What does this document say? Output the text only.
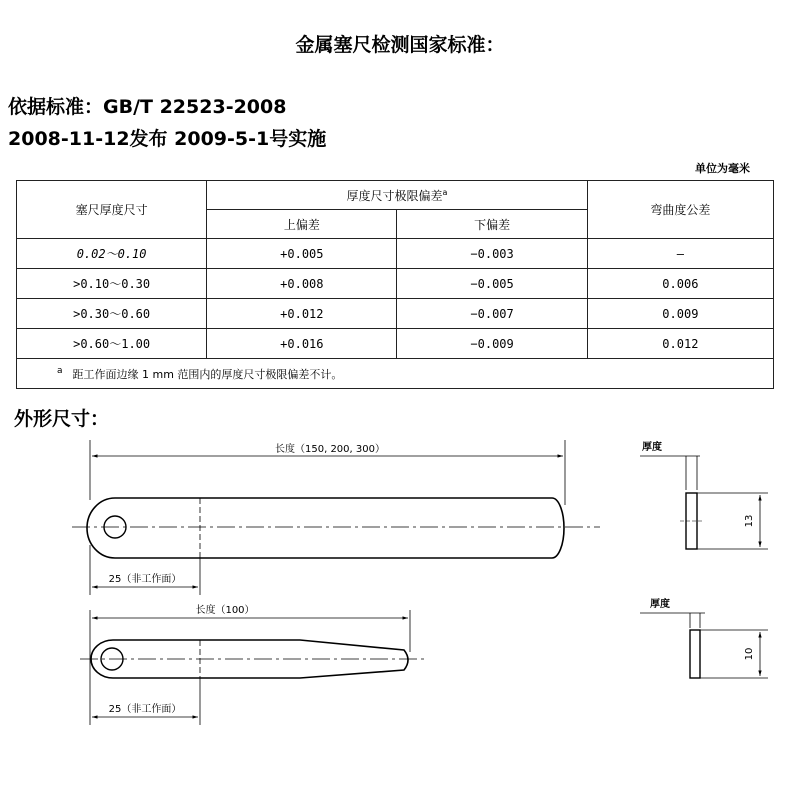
金属塞尺检测国家标准：
依据标准：GB/T 22523-2008
2008-11-12发布 2009-5-1号实施
单位为毫米
塞尺厚度尺寸	厚度尺寸极限偏差$^a$		弯曲度公差
	上偏差	下偏差	
0.02～0.10	+0.005	−0.003	—
>0.10～0.30	+0.008	−0.005	0.006
>0.30～0.60	+0.012	−0.007	0.009
>0.60～1.00	+0.016	−0.009	0.012
$^a$ 距工作面边缘 1 mm 范围内的厚度尺寸极限偏差不计。			
外形尺寸：
长度（150, 200, 300）
25（非工作面）
长度（100）
25（非工作面）
厚度
13
厚度
10
